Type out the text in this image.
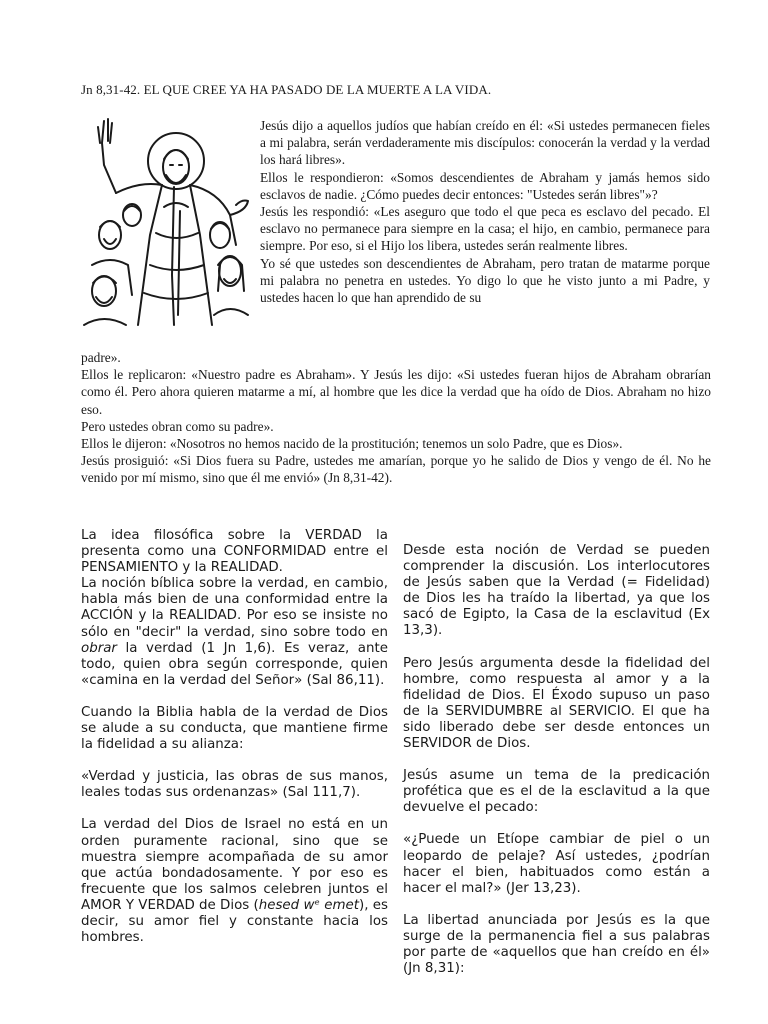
Jn 8,31-42. EL QUE CREE YA HA PASADO DE LA MUERTE A LA VIDA.

Jesús dijo a aquellos judíos que habían creído en él: «Si ustedes permanecen fieles a mi palabra, serán verdaderamente mis discípulos: conocerán la verdad y la verdad los hará libres».

Ellos le respondieron: «Somos descendientes de Abraham y jamás hemos sido esclavos de nadie. ¿Cómo puedes decir entonces: "Ustedes serán libres"»?

Jesús les respondió: «Les aseguro que todo el que peca es esclavo del pecado. El esclavo no permanece para siempre en la casa; el hijo, en cambio, permanece para siempre. Por eso, si el Hijo los libera, ustedes serán realmente libres.

Yo sé que ustedes son descendientes de Abraham, pero tratan de matarme porque mi palabra no penetra en ustedes. Yo digo lo que he visto junto a mi Padre, y ustedes hacen lo que han aprendido de su

padre».

Ellos le replicaron: «Nuestro padre es Abraham». Y Jesús les dijo: «Si ustedes fueran hijos de Abraham obrarían como él. Pero ahora quieren matarme a mí, al hombre que les dice la verdad que ha oído de Dios. Abraham no hizo eso.

Pero ustedes obran como su padre».

Ellos le dijeron: «Nosotros no hemos nacido de la prostitución; tenemos un solo Padre, que es Dios».

Jesús prosiguió: «Si Dios fuera su Padre, ustedes me amarían, porque yo he salido de Dios y vengo de él. No he venido por mí mismo, sino que él me envió» (Jn 8,31-42).

La idea filosófica sobre la VERDAD la presenta como una CONFORMIDAD entre el PENSAMIENTO y la REALIDAD.

La noción bíblica sobre la verdad, en cambio, habla más bien de una conformidad entre la ACCIÓN y la REALIDAD. Por eso se insiste no sólo en "decir" la verdad, sino sobre todo en obrar la verdad (1 Jn 1,6). Es veraz, ante todo, quien obra según corresponde, quien «camina en la verdad del Señor» (Sal 86,11).

Cuando la Biblia habla de la verdad de Dios se alude a su conducta, que mantiene firme la fidelidad a su alianza:

«Verdad y justicia, las obras de sus manos, leales todas sus ordenanzas» (Sal 111,7).

La verdad del Dios de Israel no está en un orden puramente racional, sino que se muestra siempre acompañada de su amor que actúa bondadosamente. Y por eso es frecuente que los salmos celebren juntos el AMOR Y VERDAD de Dios (hesed wᵉ emet), es decir, su amor fiel y constante hacia los hombres.

Desde esta noción de Verdad se pueden comprender la discusión. Los interlocutores de Jesús saben que la Verdad (= Fidelidad) de Dios les ha traído la libertad, ya que los sacó de Egipto, la Casa de la esclavitud (Ex 13,3).

Pero Jesús argumenta desde la fidelidad del hombre, como respuesta al amor y a la fidelidad de Dios. El Éxodo supuso un paso de la SERVIDUMBRE al SERVICIO. El que ha sido liberado debe ser desde entonces un SERVIDOR de Dios.

Jesús asume un tema de la predicación profética que es el de la esclavitud a la que devuelve el pecado:

«¿Puede un Etíope cambiar de piel o un leopardo de pelaje? Así ustedes, ¿podrían hacer el bien, habituados como están a hacer el mal?» (Jer 13,23).

La libertad anunciada por Jesús es la que surge de la permanencia fiel a sus palabras por parte de «aquellos que han creído en él» (Jn 8,31):
